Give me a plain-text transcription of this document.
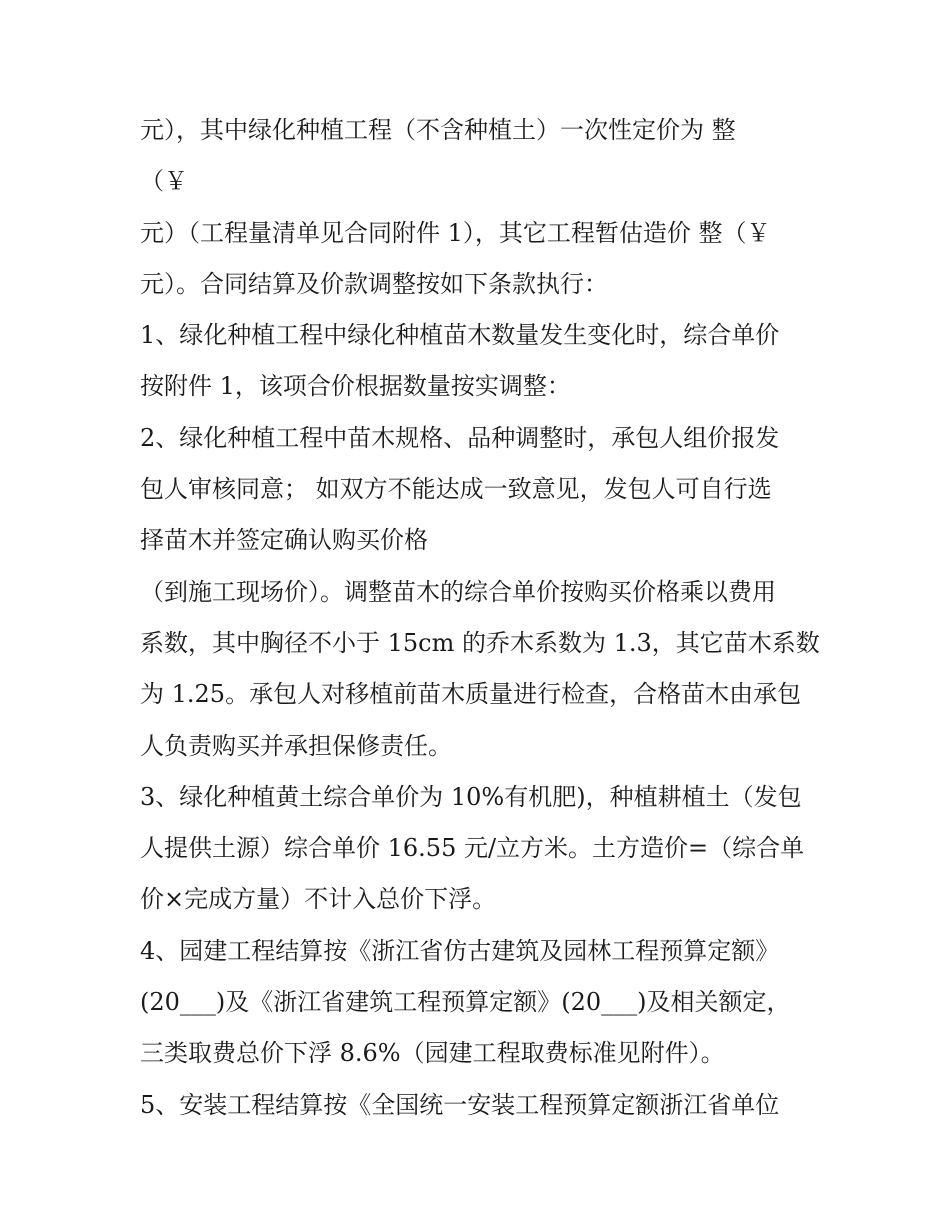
元），其中绿化种植工程（不含种植土）一次性定价为 整
（￥
元）（工程量清单见合同附件 1），其它工程暂估造价 整（￥
元）。合同结算及价款调整按如下条款执行：
1、绿化种植工程中绿化种植苗木数量发生变化时，综合单价
按附件 1，该项合价根据数量按实调整：
2、绿化种植工程中苗木规格、品种调整时，承包人组价报发
包人审核同意； 如双方不能达成一致意见，发包人可自行选
择苗木并签定确认购买价格
（到施工现场价）。调整苗木的综合单价按购买价格乘以费用
系数，其中胸径不小于 15cm 的乔木系数为 1.3，其它苗木系数
为 1.25。承包人对移植前苗木质量进行检查，合格苗木由承包
人负责购买并承担保修责任。
3、绿化种植黄土综合单价为 10%有机肥)，种植耕植土（发包
人提供土源）综合单价 16.55 元/立方米。土方造价=（综合单
价×完成方量）不计入总价下浮。
4、园建工程结算按《浙江省仿古建筑及园林工程预算定额》
(20___)及《浙江省建筑工程预算定额》(20___)及相关额定，
三类取费总价下浮 8.6%（园建工程取费标准见附件）。
5、安装工程结算按《全国统一安装工程预算定额浙江省单位
